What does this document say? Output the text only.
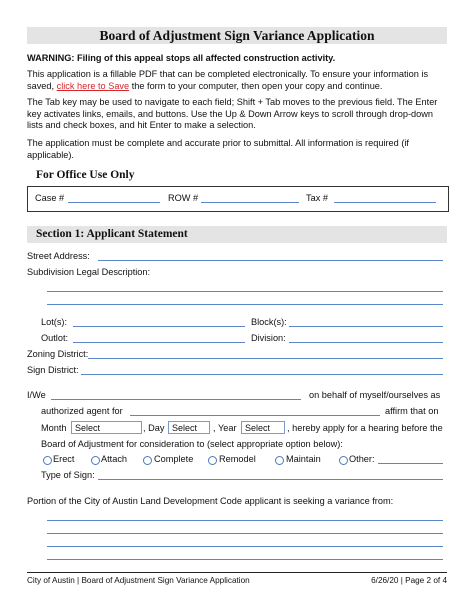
Board of Adjustment Sign Variance Application
WARNING: Filing of this appeal stops all affected construction activity.
This application is a fillable PDF that can be completed electronically. To ensure your information is saved, click here to Save the form to your computer, then open your copy and continue.
The Tab key may be used to navigate to each field; Shift + Tab moves to the previous field. The Enter key activates links, emails, and buttons. Use the Up & Down Arrow keys to scroll through drop-down lists and check boxes, and hit Enter to make a selection.
The application must be complete and accurate prior to submittal. All information is required (if applicable).
For Office Use Only
Case #	ROW #	Tax #
Section 1: Applicant Statement
Street Address:
Subdivision Legal Description:
Lot(s):	Block(s):
Outlot:	Division:
Zoning District:
Sign District:
I/We	on behalf of myself/ourselves as
authorized agent for	affirm that on
Month Select	, Day Select	, Year Select	, hereby apply for a hearing before the
Board of Adjustment for consideration to (select appropriate option below):
Erect	Attach	Complete	Remodel	Maintain	Other:
Type of Sign:
Portion of the City of Austin Land Development Code applicant is seeking a variance from:
City of Austin | Board of Adjustment Sign Variance Application	6/26/20 | Page 2 of 4
